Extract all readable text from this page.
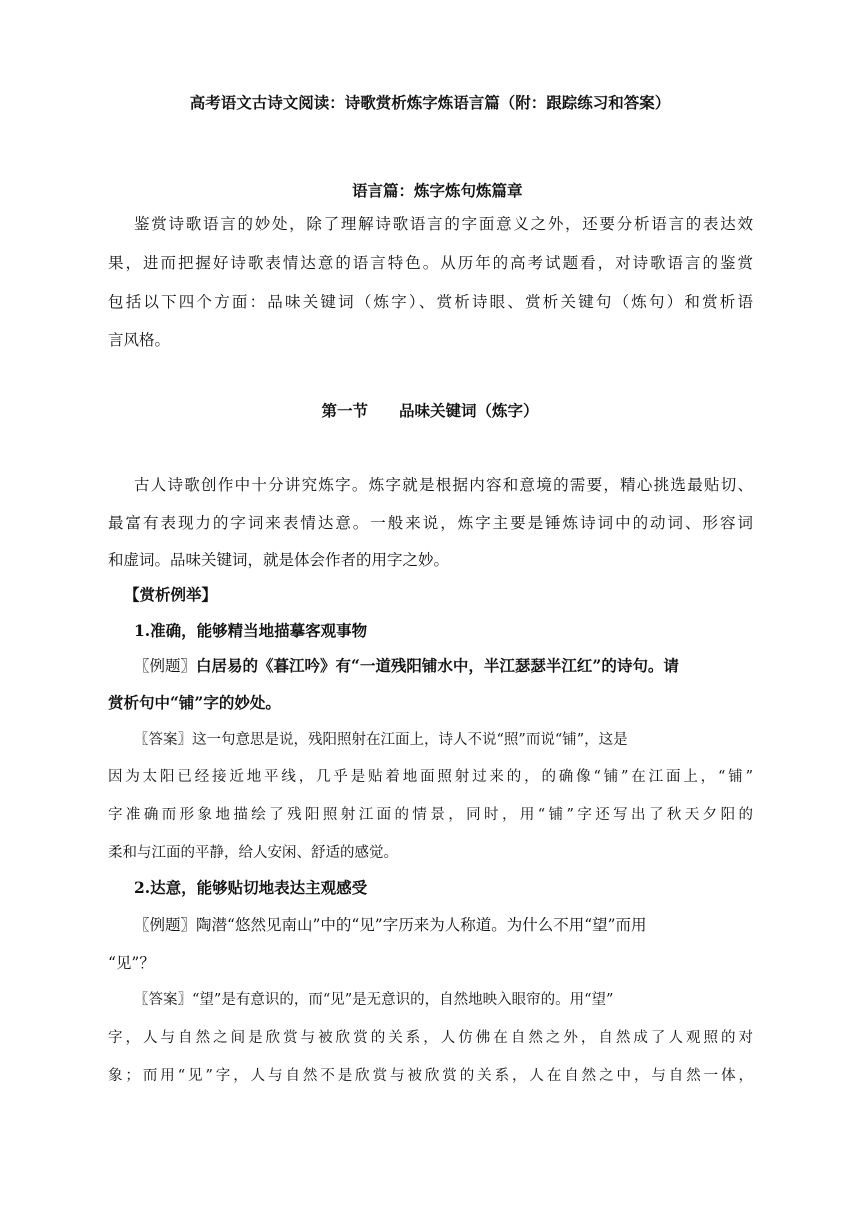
高考语文古诗文阅读：诗歌赏析炼字炼语言篇（附：跟踪练习和答案）
语言篇：炼字炼句炼篇章
鉴赏诗歌语言的妙处，除了理解诗歌语言的字面意义之外，还要分析语言的表达效
果，进而把握好诗歌表情达意的语言特色。从历年的高考试题看，对诗歌语言的鉴赏
包括以下四个方面：品味关键词（炼字）、赏析诗眼、赏析关键句（炼句）和赏析语
言风格。
第一节　　品味关键词（炼字）
古人诗歌创作中十分讲究炼字。炼字就是根据内容和意境的需要，精心挑选最贴切、
最富有表现力的字词来表情达意。一般来说，炼字主要是锤炼诗词中的动词、形容词
和虚词。品味关键词，就是体会作者的用字之妙。
【赏析例举】
1.准确，能够精当地描摹客观事物
〖例题〗白居易的《暮江吟》有“一道残阳铺水中，半江瑟瑟半江红”的诗句。请
赏析句中“铺”字的妙处。
〖答案〗这一句意思是说，残阳照射在江面上，诗人不说“照”而说“铺”，这是
因为太阳已经接近地平线，几乎是贴着地面照射过来的，的确像“铺”在江面上，“铺”
字准确而形象地描绘了残阳照射江面的情景，同时，用“铺”字还写出了秋天夕阳的
柔和与江面的平静，给人安闲、舒适的感觉。
2.达意，能够贴切地表达主观感受
〖例题〗陶潜“悠然见南山”中的“见”字历来为人称道。为什么不用“望”而用
“见”？
〖答案〗“望”是有意识的，而“见”是无意识的，自然地映入眼帘的。用“望”
字，人与自然之间是欣赏与被欣赏的关系，人仿佛在自然之外，自然成了人观照的对
象；而用“见”字，人与自然不是欣赏与被欣赏的关系，人在自然之中，与自然一体，
